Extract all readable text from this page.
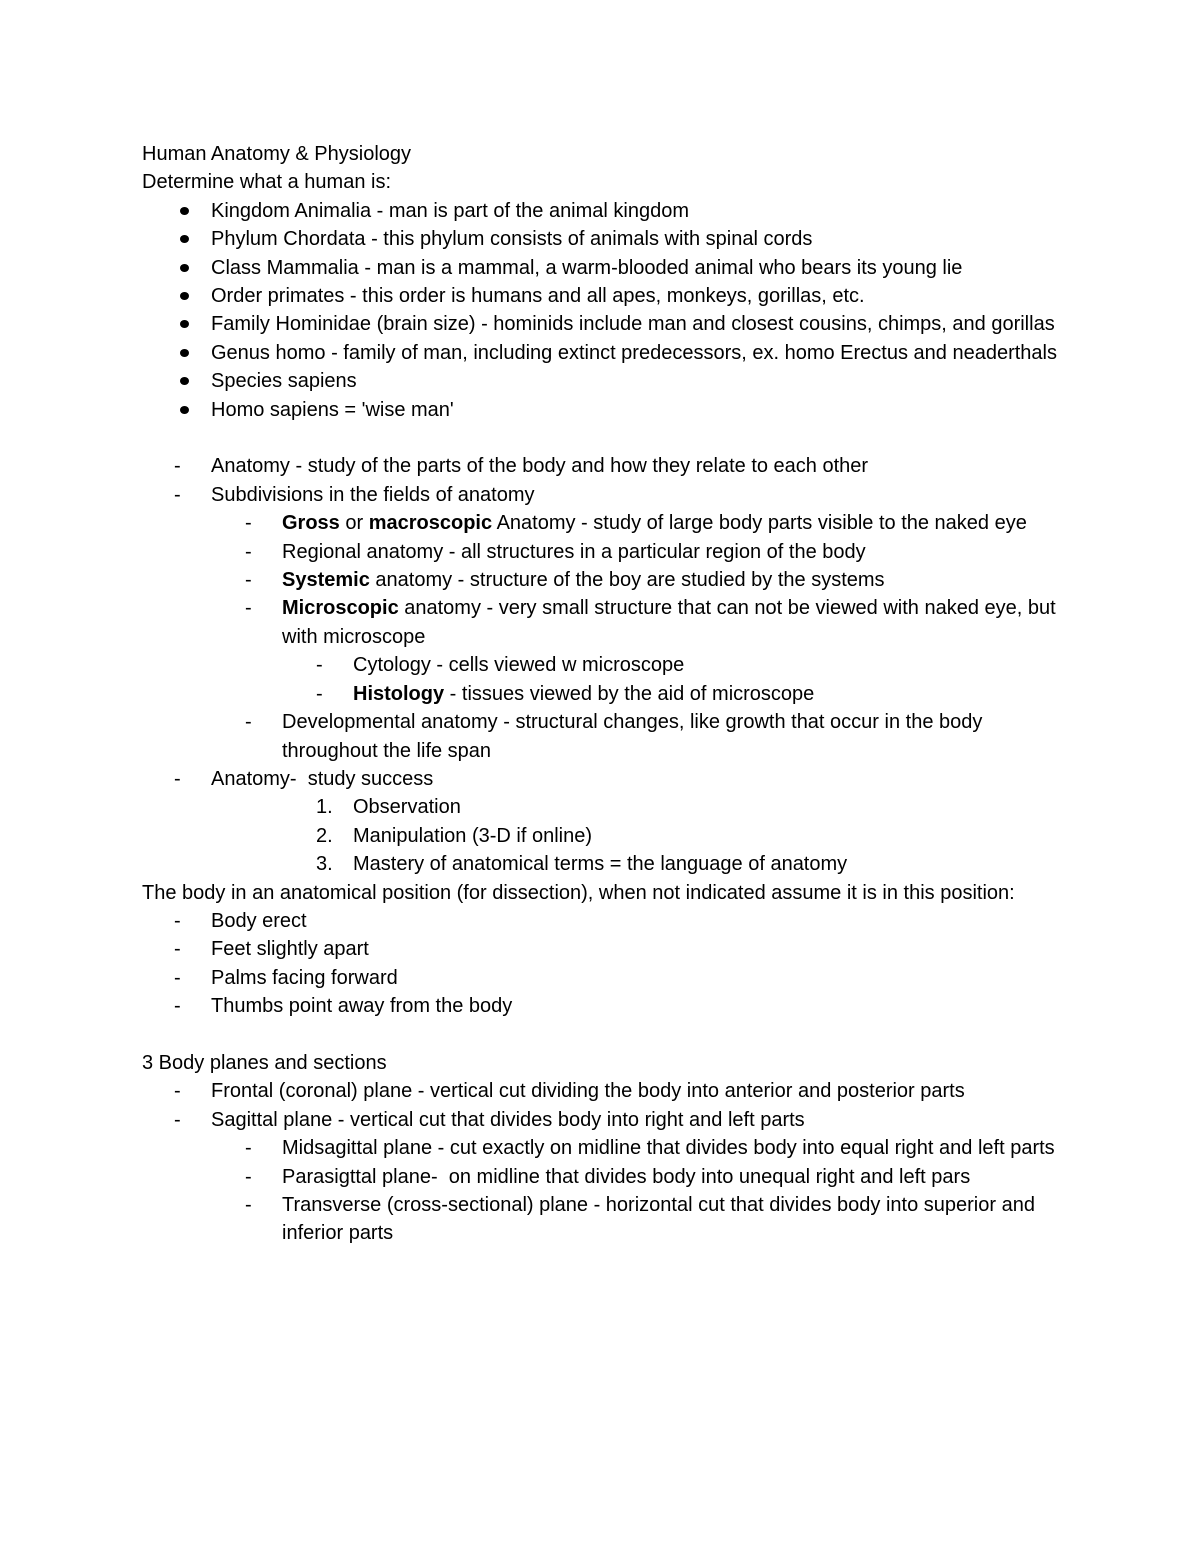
Human Anatomy & Physiology

Determine what a human is:

Kingdom Animalia - man is part of the animal kingdom
Phylum Chordata - this phylum consists of animals with spinal cords
Class Mammalia - man is a mammal, a warm-blooded animal who bears its young lie
Order primates - this order is humans and all apes, monkeys, gorillas, etc.
Family Hominidae (brain size) - hominids include man and closest cousins, chimps, and gorillas
Genus homo - family of man, including extinct predecessors, ex. homo Erectus and neaderthals
Species sapiens
Homo sapiens = 'wise man'
- Anatomy - study of the parts of the body and how they relate to each other
- Subdivisions in the fields of anatomy
- Gross or macroscopic Anatomy - study of large body parts visible to the naked eye
- Regional anatomy - all structures in a particular region of the body
- Systemic anatomy - structure of the boy are studied by the systems
- Microscopic anatomy - very small structure that can not be viewed with naked eye, but with microscope
- Cytology - cells viewed w microscope
- Histology - tissues viewed by the aid of microscope
- Developmental anatomy - structural changes, like growth that occur in the body throughout the life span
- Anatomy-  study success
1. Observation
2. Manipulation (3-D if online)
3. Mastery of anatomical terms = the language of anatomy

The body in an anatomical position (for dissection), when not indicated assume it is in this position:

- Body erect
- Feet slightly apart
- Palms facing forward
- Thumbs point away from the body

3 Body planes and sections

- Frontal (coronal) plane - vertical cut dividing the body into anterior and posterior parts
- Sagittal plane - vertical cut that divides body into right and left parts
- Midsagittal plane - cut exactly on midline that divides body into equal right and left parts
- Parasigttal plane-  on midline that divides body into unequal right and left pars
- Transverse (cross-sectional) plane - horizontal cut that divides body into superior and inferior parts
